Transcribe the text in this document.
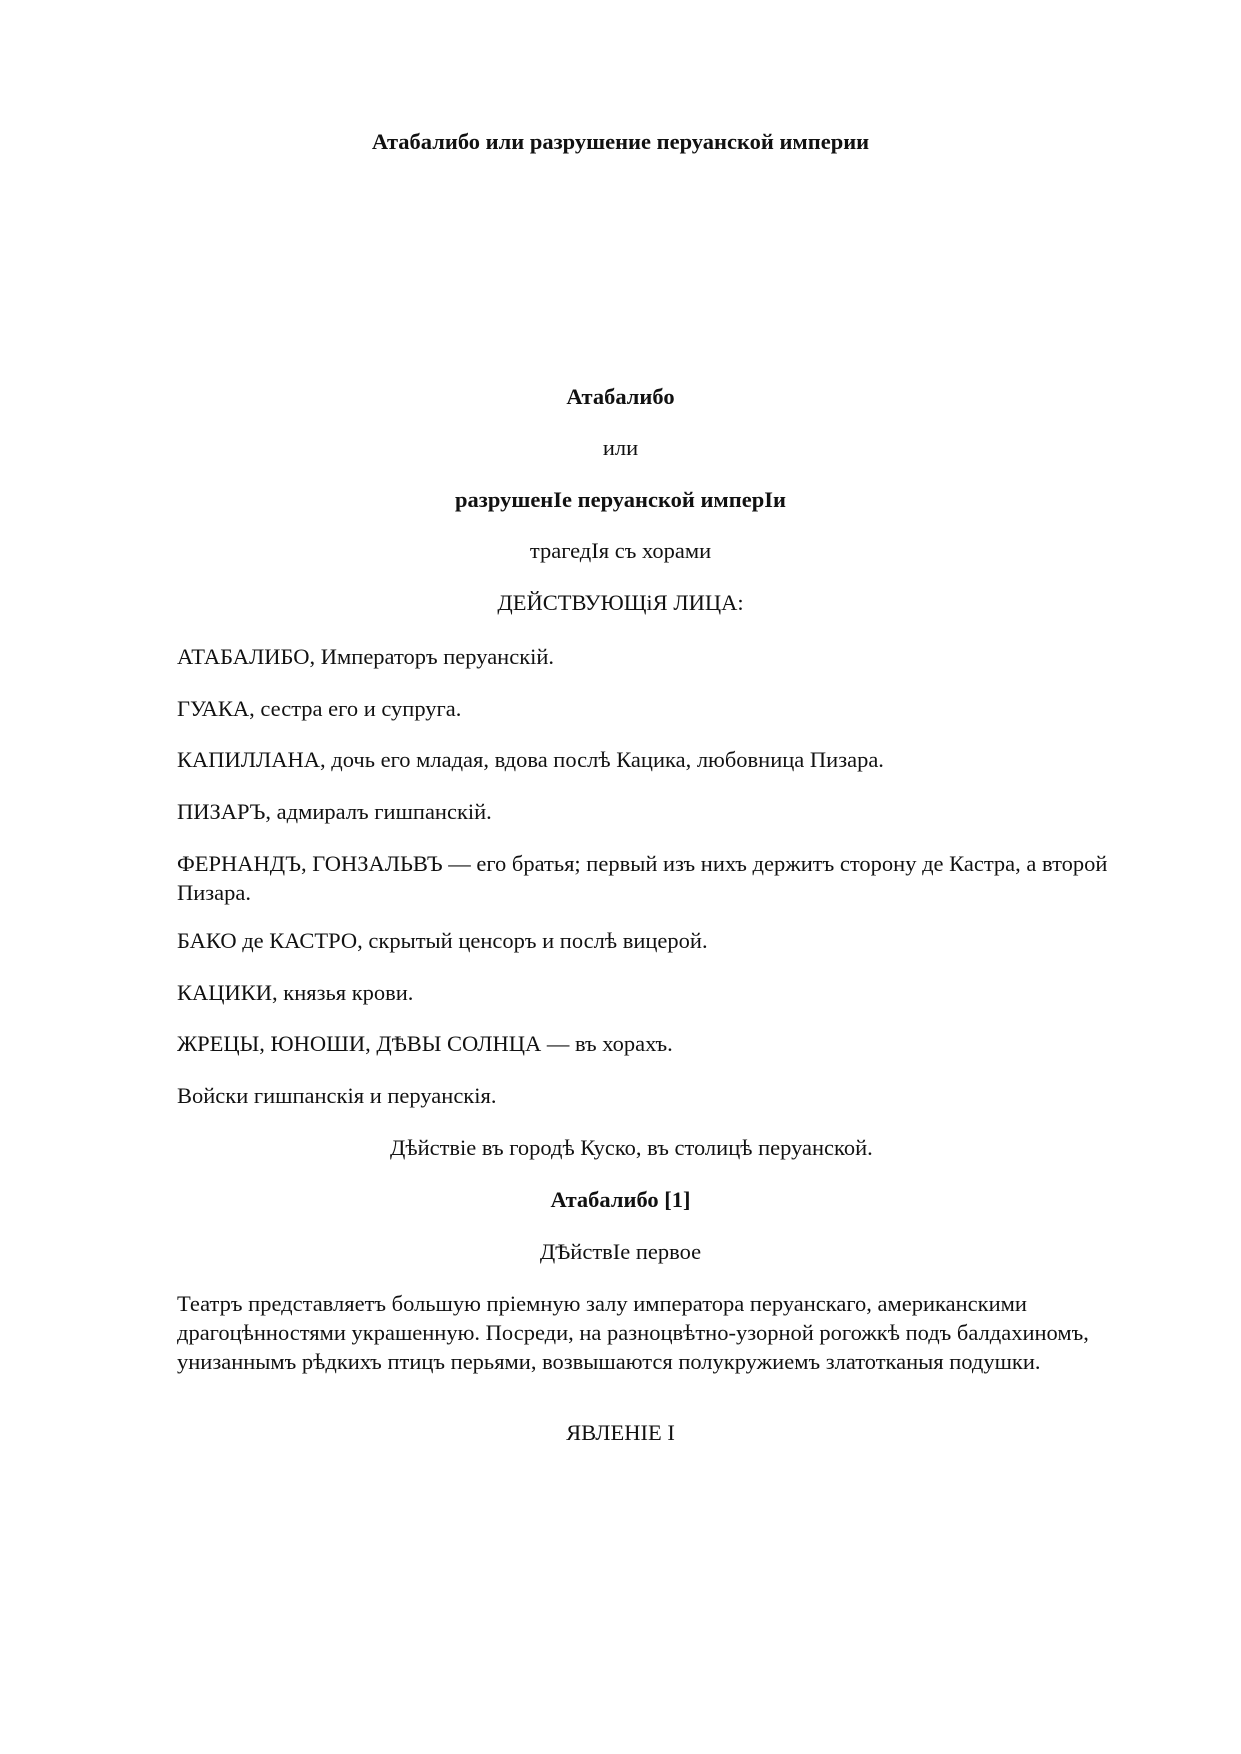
Атабалибо или разрушение перуанской империи
Атабалибо
или
разрушенIе перуанской имперIи
трагедIя съ хорами
ДЕЙСТВУЮЩiЯ ЛИЦА:
АТАБАЛИБО, Императоръ перуанскiй.
ГУАКА, сестра его и супруга.
КАПИЛЛАНА, дочь его младая, вдова послѣ Кацика, любовница Пизара.
ПИЗАРЪ, адмиралъ гишпанскiй.
ФЕРНАНДЪ, ГОНЗАЛЬВЪ — его братья; первый изъ нихъ держитъ сторону де Кастра, а второй Пизара.
БАКО де КАСТРО, скрытый ценсоръ и послѣ вицерой.
КАЦИКИ, князья крови.
ЖРЕЦЫ, ЮНОШИ, ДѢВЫ СОЛНЦА — въ хорахъ.
Войски гишпанскiя и перуанскiя.
Дѣйствiе въ городѣ Куско, въ столицѣ перуанской.
Атабалибо [1]
ДѢйствIе первое
Театръ представляетъ большую прiемную залу императора перуанскаго, американскими драгоцѣнностями украшенную. Посреди, на разноцвѣтно-узорной рогожкѣ подъ балдахиномъ, унизаннымъ рѣдкихъ птицъ перьями, возвышаются полукружиемъ златотканыя подушки.
ЯВЛЕНIЕ I
